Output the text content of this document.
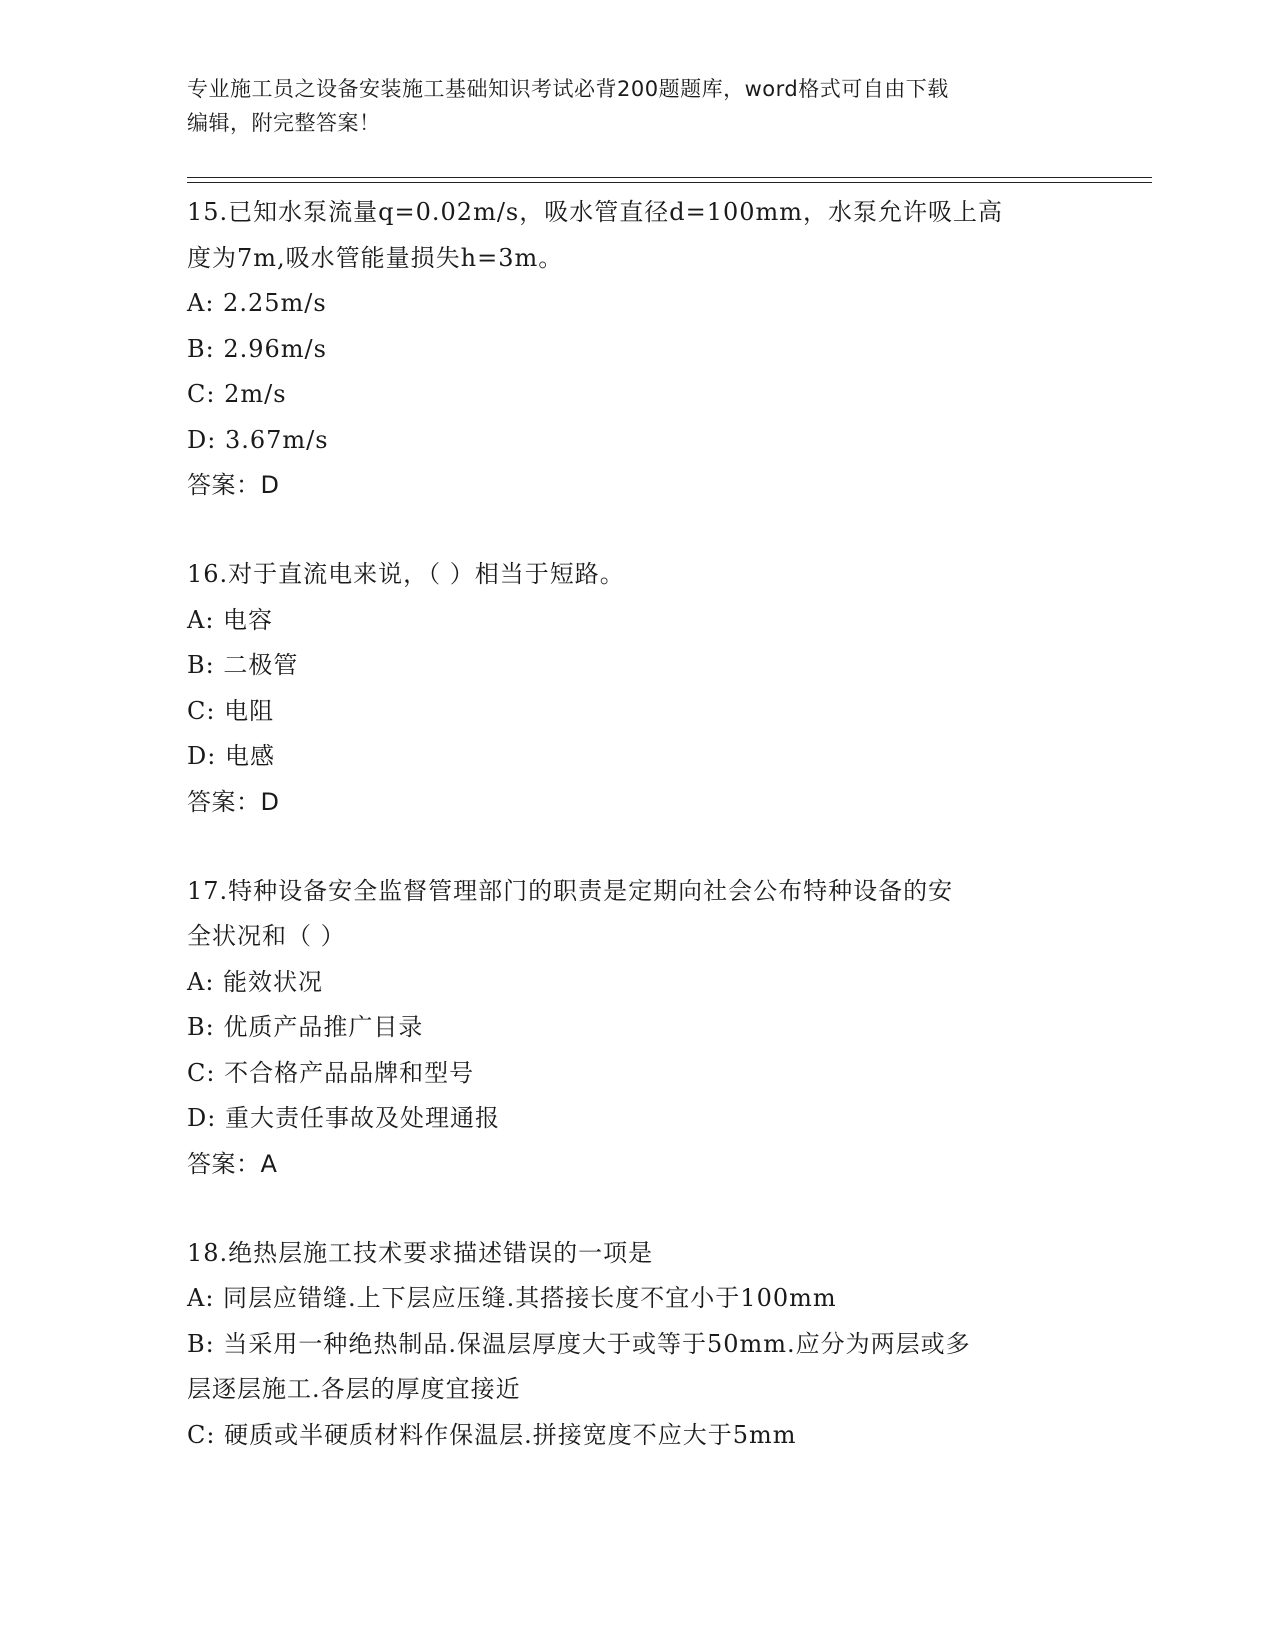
专业施工员之设备安装施工基础知识考试必背200题题库，word格式可自由下载
编辑，附完整答案！
15.已知水泵流量q=0.02m/s，吸水管直径d=100mm，水泵允许吸上高
度为7m,吸水管能量损失h=3m。
A: 2.25m/s
B: 2.96m/s
C: 2m/s
D: 3.67m/s
答案：D
16.对于直流电来说，（ ）相当于短路。
A: 电容
B: 二极管
C: 电阻
D: 电感
答案：D
17.特种设备安全监督管理部门的职责是定期向社会公布特种设备的安
全状况和（ ）
A: 能效状况
B: 优质产品推广目录
C: 不合格产品品牌和型号
D: 重大责任事故及处理通报
答案：A
18.绝热层施工技术要求描述错误的一项是
A: 同层应错缝.上下层应压缝.其搭接长度不宜小于100mm
B: 当采用一种绝热制品.保温层厚度大于或等于50mm.应分为两层或多
层逐层施工.各层的厚度宜接近
C: 硬质或半硬质材料作保温层.拼接宽度不应大于5mm
